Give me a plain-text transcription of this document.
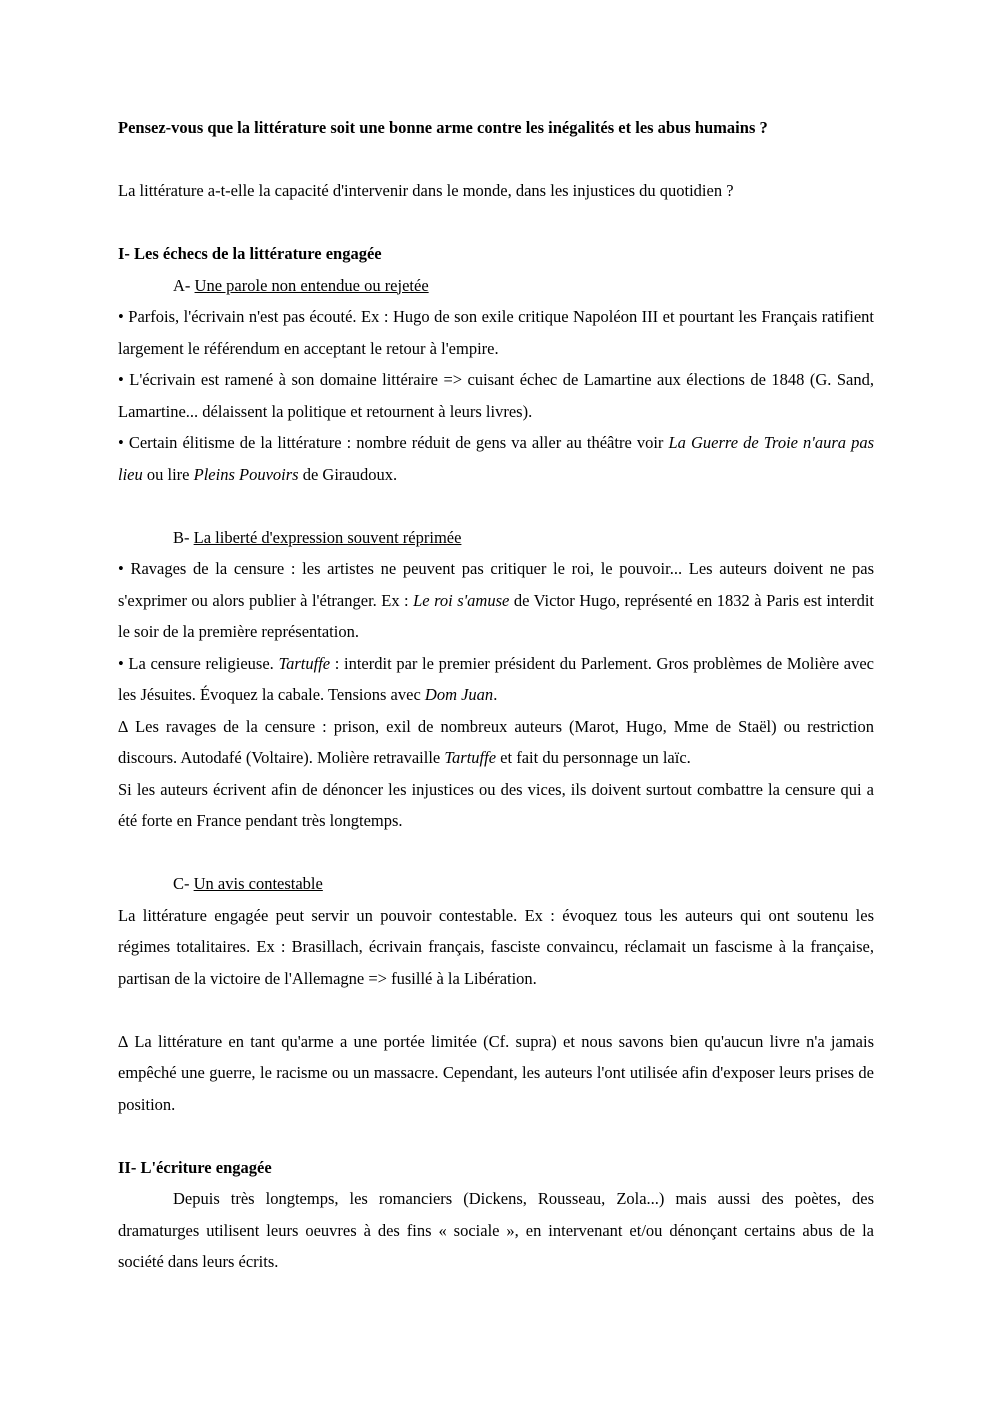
Pensez-vous que la littérature soit une bonne arme contre les inégalités et les abus humains ?

La littérature a-t-elle la capacité d'intervenir dans le monde, dans les injustices du quotidien ?

I- Les échecs de la littérature engagée

A- Une parole non entendue ou rejetée

• Parfois, l'écrivain n'est pas écouté. Ex : Hugo de son exile critique Napoléon III et pourtant les Français ratifient largement le référendum en acceptant le retour à l'empire.

• L'écrivain est ramené à son domaine littéraire => cuisant échec de Lamartine aux élections de 1848 (G. Sand, Lamartine... délaissent la politique et retournent à leurs livres).

• Certain élitisme de la littérature : nombre réduit de gens va aller au théâtre voir La Guerre de Troie n'aura pas lieu ou lire Pleins Pouvoirs de Giraudoux.

B- La liberté d'expression souvent réprimée

• Ravages de la censure : les artistes ne peuvent pas critiquer le roi, le pouvoir... Les auteurs doivent ne pas s'exprimer ou alors publier à l'étranger. Ex : Le roi s'amuse de Victor Hugo, représenté en 1832 à Paris est interdit le soir de la première représentation.

• La censure religieuse. Tartuffe : interdit par le premier président du Parlement. Gros problèmes de Molière avec les Jésuites. Évoquez la cabale. Tensions avec Dom Juan.

∆ Les ravages de la censure : prison, exil de nombreux auteurs (Marot, Hugo, Mme de Staël) ou restriction discours. Autodafé (Voltaire). Molière retravaille Tartuffe et fait du personnage un laïc.

Si les auteurs écrivent afin de dénoncer les injustices ou des vices, ils doivent surtout combattre la censure qui a été forte en France pendant très longtemps.

C- Un avis contestable

La littérature engagée peut servir un pouvoir contestable. Ex : évoquez tous les auteurs qui ont soutenu les régimes totalitaires. Ex : Brasillach, écrivain français, fasciste convaincu, réclamait un fascisme à la française, partisan de la victoire de l'Allemagne => fusillé à la Libération.

∆ La littérature en tant qu'arme a une portée limitée (Cf. supra) et nous savons bien qu'aucun livre n'a jamais empêché une guerre, le racisme ou un massacre. Cependant, les auteurs l'ont utilisée afin d'exposer leurs prises de position.

II- L'écriture engagée

Depuis très longtemps, les romanciers (Dickens, Rousseau, Zola...) mais aussi des poètes, des dramaturges utilisent leurs oeuvres à des fins « sociale », en intervenant et/ou dénonçant certains abus de la société dans leurs écrits.
